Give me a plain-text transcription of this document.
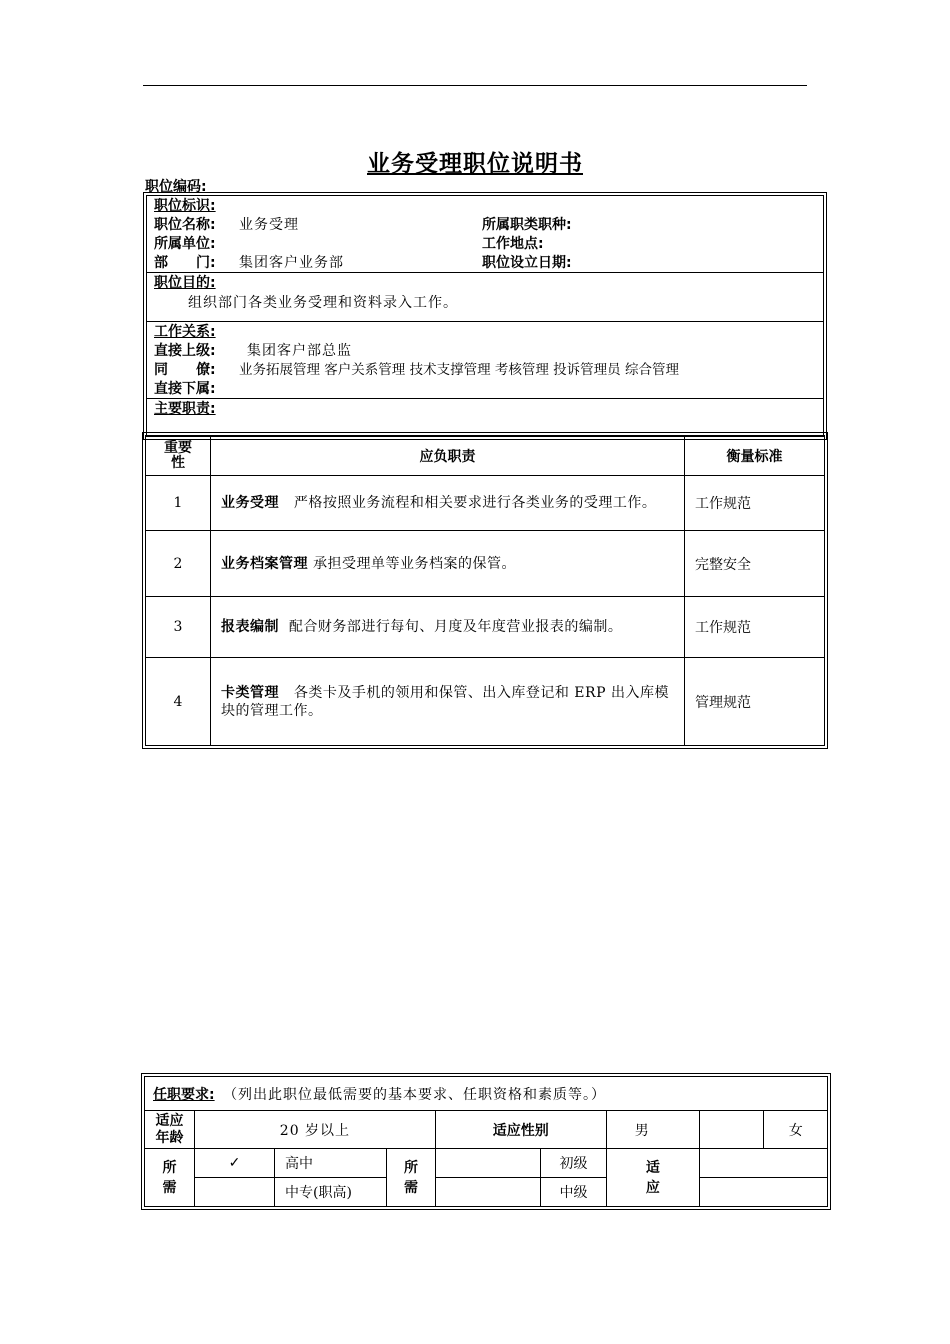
业务受理职位说明书
职位编码:
职位标识:
职位名称: 业务受理	所属职类职种:
所属单位:	工作地点:
部　　门: 集团客户业务部	职位设立日期:
职位目的:
组织部门各类业务受理和资料录入工作。
工作关系:
直接上级: 集团客户部总监
同　　僚: 业务拓展管理 客户关系管理 技术支撑管理 考核管理 投诉管理员 综合管理
直接下属:
主要职责:
重要性	应负职责	衡量标准
1	业务受理 严格按照业务流程和相关要求进行各类业务的受理工作。	工作规范
2	业务档案管理 承担受理单等业务档案的保管。	完整安全
3	报表编制 配合财务部进行每旬、月度及年度营业报表的编制。	工作规范
4	卡类管理 各类卡及手机的领用和保管、出入库登记和 ERP 出入库模块的管理工作。	管理规范
任职要求: （列出此职位最低需要的基本要求、任职资格和素质等。）								
适应年龄	20 岁以上			适应性别		男		女
所需	✓	高中	所需		初级	适应		
		中专(职高)			中级			
